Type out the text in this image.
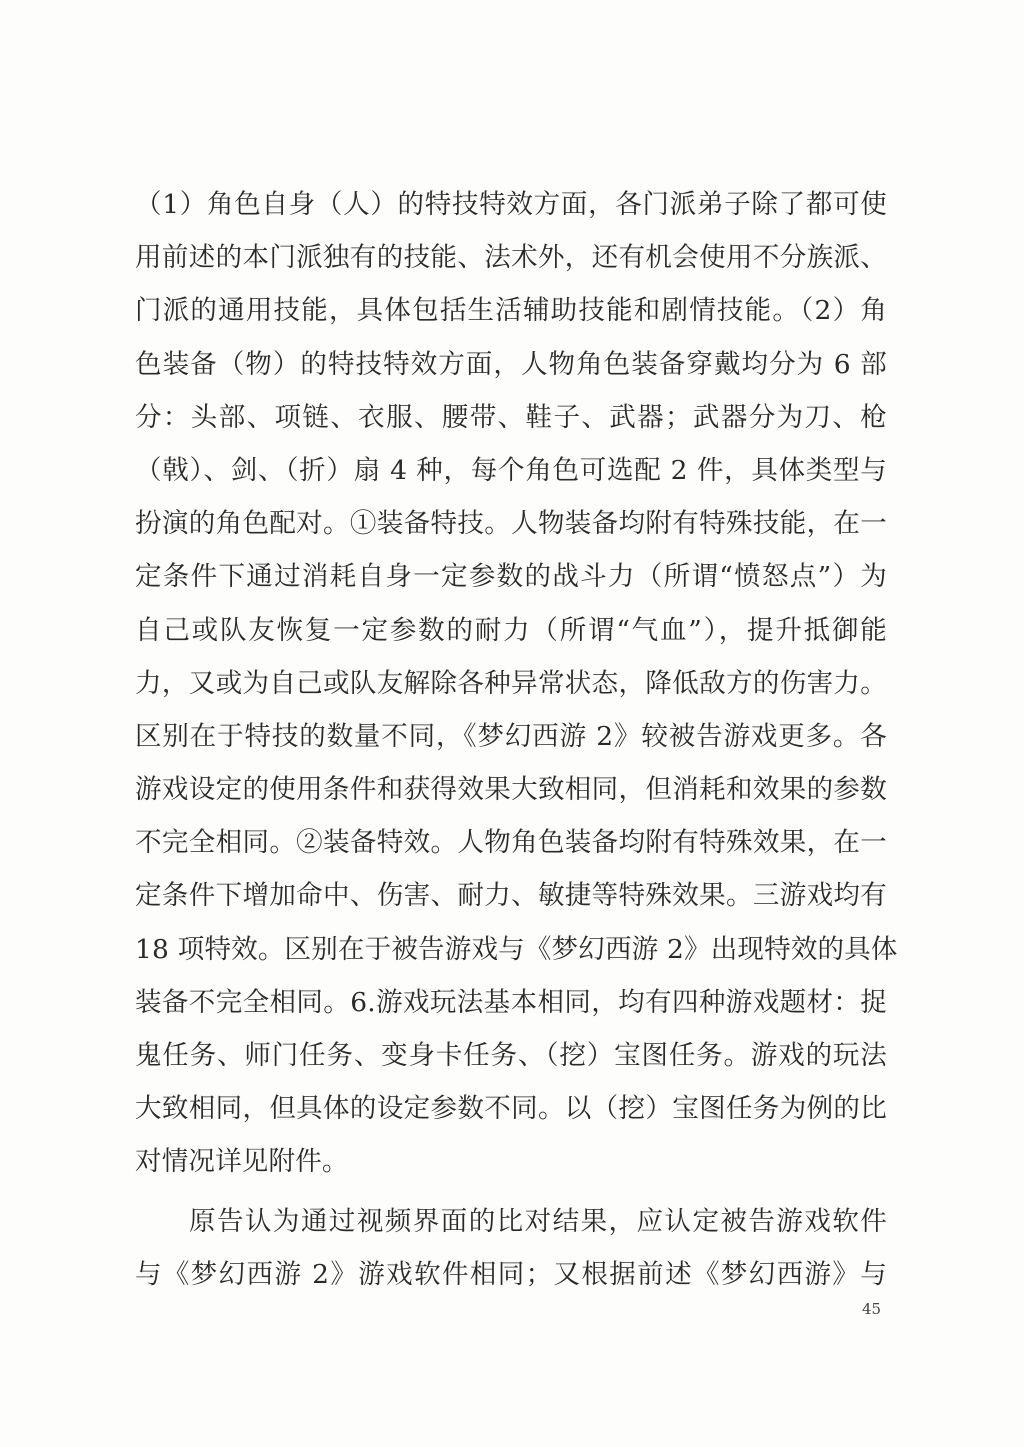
（1）角色自身（人）的特技特效方面，各门派弟子除了都可使
用前述的本门派独有的技能、法术外，还有机会使用不分族派、
门派的通用技能，具体包括生活辅助技能和剧情技能。（2）角
色装备（物）的特技特效方面，人物角色装备穿戴均分为 6 部
分：头部、项链、衣服、腰带、鞋子、武器；武器分为刀、枪
（戟）、剑、（折）扇 4 种，每个角色可选配 2 件，具体类型与
扮演的角色配对。①装备特技。人物装备均附有特殊技能，在一
定条件下通过消耗自身一定参数的战斗力（所谓“愤怒点”）为
自己或队友恢复一定参数的耐力（所谓“气血”），提升抵御能
力，又或为自己或队友解除各种异常状态，降低敌方的伤害力。
区别在于特技的数量不同，《梦幻西游 2》较被告游戏更多。各
游戏设定的使用条件和获得效果大致相同，但消耗和效果的参数
不完全相同。②装备特效。人物角色装备均附有特殊效果，在一
定条件下增加命中、伤害、耐力、敏捷等特殊效果。三游戏均有
18 项特效。区别在于被告游戏与《梦幻西游 2》出现特效的具体
装备不完全相同。6.游戏玩法基本相同，均有四种游戏题材：捉
鬼任务、师门任务、变身卡任务、（挖）宝图任务。游戏的玩法
大致相同，但具体的设定参数不同。以（挖）宝图任务为例的比
对情况详见附件。
原告认为通过视频界面的比对结果，应认定被告游戏软件
与《梦幻西游 2》游戏软件相同；又根据前述《梦幻西游》与
45
